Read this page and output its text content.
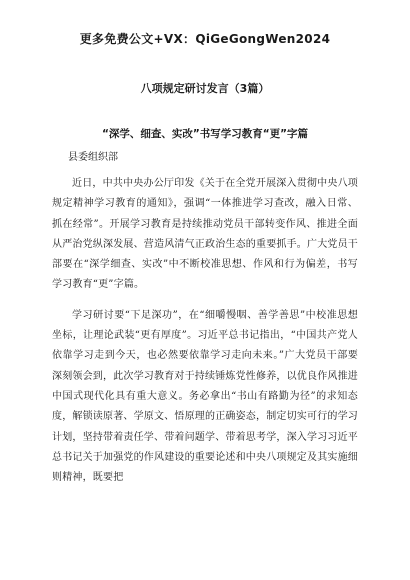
更多免费公文+VX：QiGeGongWen2024
八项规定研讨发言（3篇）
“深学、细查、实改”书写学习教育“更”字篇
县委组织部

近日，中共中央办公厅印发《关于在全党开展深入贯彻中央八项规定精神学习教育的通知》，强调“一体推进学习查改，融入日常、抓在经常”。开展学习教育是持续推动党员干部转变作风、推进全面从严治党纵深发展、营造风清气正政治生态的重要抓手。广大党员干部要在“深学细查、实改”中不断校准思想、作风和行为偏差，书写学习教育“更”字篇。

学习研讨要“下足深功”，在“细嚼慢咽、善学善思”中校准思想坐标，让理论武装“更有厚度”。习近平总书记指出，“中国共产党人依靠学习走到今天，也必然要依靠学习走向未来。”广大党员干部要深刻领会到，此次学习教育对于持续锤炼党性修养，以优良作风推进中国式现代化具有重大意义。务必拿出“书山有路勤为径”的求知态度，解锁读原著、学原文、悟原理的正确姿态，制定切实可行的学习计划，坚持带着责任学、带着问题学、带着思考学，深入学习习近平总书记关于加强党的作风建设的重要论述和中央八项规定及其实施细则精神，既要把
